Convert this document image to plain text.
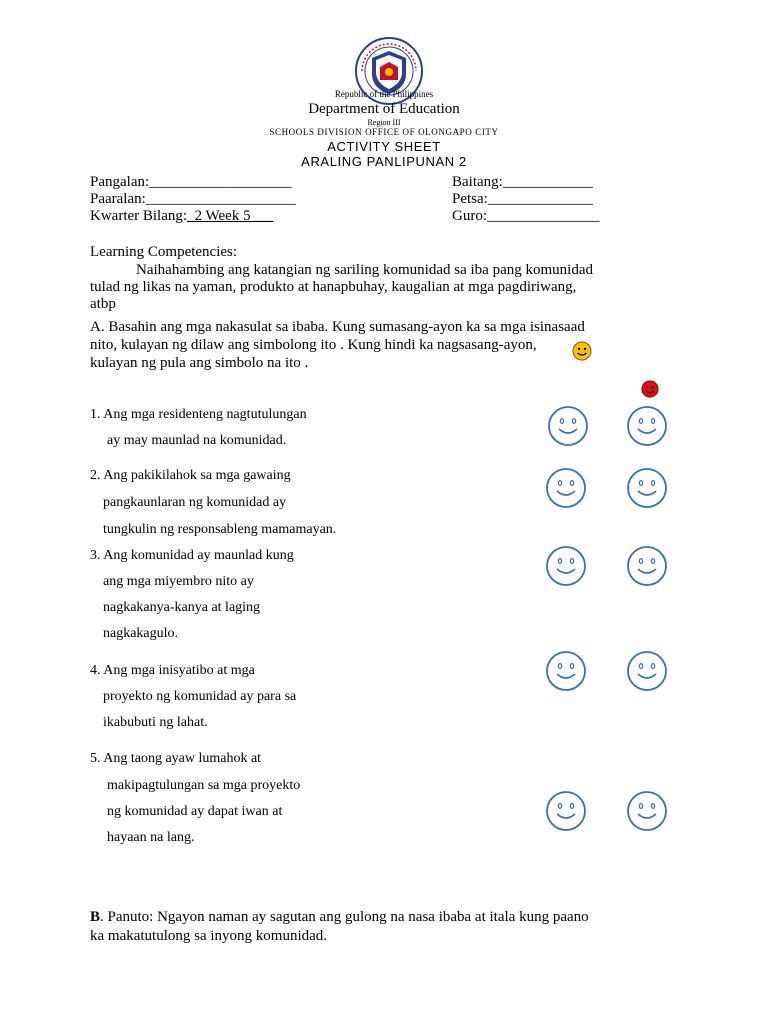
Republic of the Philippines
Department of Education
Region III
SCHOOLS DIVISION OFFICE OF OLONGAPO CITY
ACTIVITY SHEET
ARALING PANLIPUNAN 2
Pangalan:___________________
Paaralan:____________________
Kwarter Bilang:_2 Week 5___
Baitang:____________
Petsa:______________
Guro:_______________
Learning Competencies:
Naihahambing ang katangian ng sariling komunidad sa iba pang komunidad
tulad ng likas na yaman, produkto at hanapbuhay, kaugalian at mga pagdiriwang,
atbp
A. Basahin ang mga nakasulat sa ibaba. Kung sumasang-ayon ka sa mga isinasaad
nito, kulayan ng dilaw ang simbolong ito . Kung hindi ka nagsasang-ayon,
kulayan ng pula ang simbolo na ito .
1. Ang mga residenteng nagtutulungan
ay may maunlad na komunidad.
2. Ang pakikilahok sa mga gawaing
pangkaunlaran ng komunidad ay
tungkulin ng responsableng mamamayan.
3. Ang komunidad ay maunlad kung
ang mga miyembro nito ay
nagkakanya-kanya at laging
nagkakagulo.
4. Ang mga inisyatibo at mga
proyekto ng komunidad ay para sa
ikabubuti ng lahat.
5. Ang taong ayaw lumahok at
makipagtulungan sa mga proyekto
ng komunidad ay dapat iwan at
hayaan na lang.
B. Panuto: Ngayon naman ay sagutan ang gulong na nasa ibaba at itala kung paano
ka makatutulong sa inyong komunidad.
